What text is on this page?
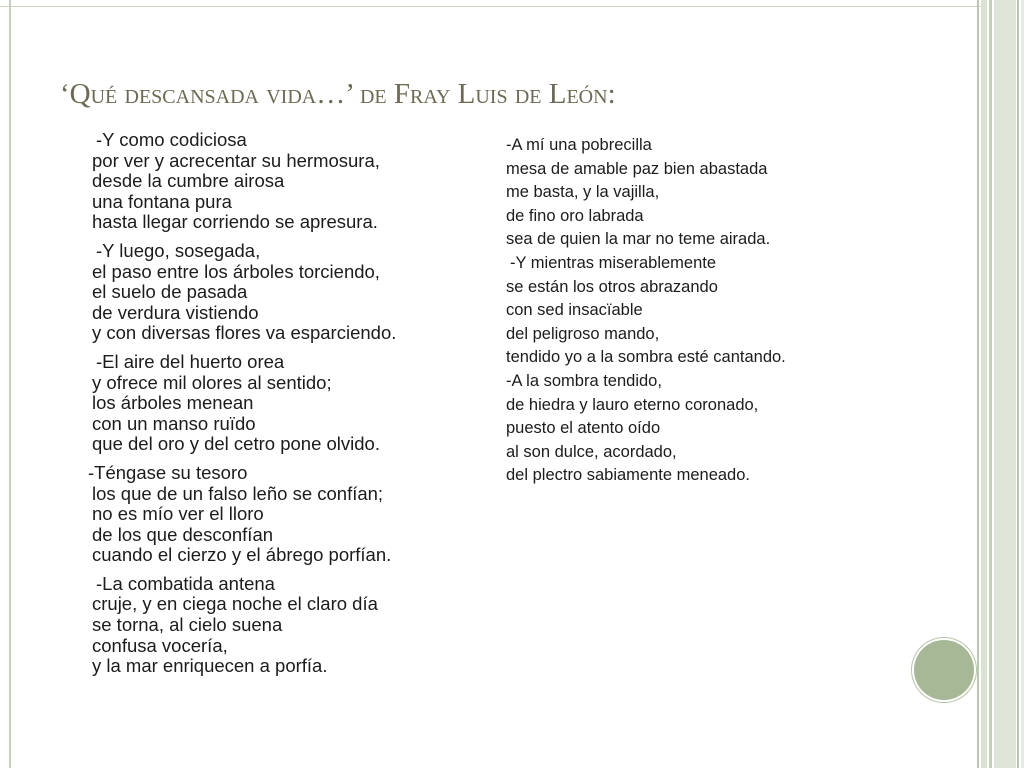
‘Qué descansada vida…’ de Fray Luis de León:
-Y como codiciosa
por ver y acrecentar su hermosura,
desde la cumbre airosa
una fontana pura
hasta llegar corriendo se apresura.
-Y luego, sosegada,
el paso entre los árboles torciendo,
el suelo de pasada
de verdura vistiendo
y con diversas flores va esparciendo.
-El aire del huerto orea
y ofrece mil olores al sentido;
los árboles menean
con un manso ruïdo
que del oro y del cetro pone olvido.
-Téngase su tesoro
los que de un falso leño se confían;
no es mío ver el lloro
de los que desconfían
cuando el cierzo y el ábrego porfían.
-La combatida antena
cruje, y en ciega noche el claro día
se torna, al cielo suena
confusa vocería,
y la mar enriquecen a porfía.
-A mí una pobrecilla
mesa de amable paz bien abastada
me basta, y la vajilla,
de fino oro labrada
sea de quien la mar no teme airada.
-Y mientras miserablemente
se están los otros abrazando
con sed insacïable
del peligroso mando,
tendido yo a la sombra esté cantando.
-A la sombra tendido,
de hiedra y lauro eterno coronado,
puesto el atento oído
al son dulce, acordado,
del plectro sabiamente meneado.
